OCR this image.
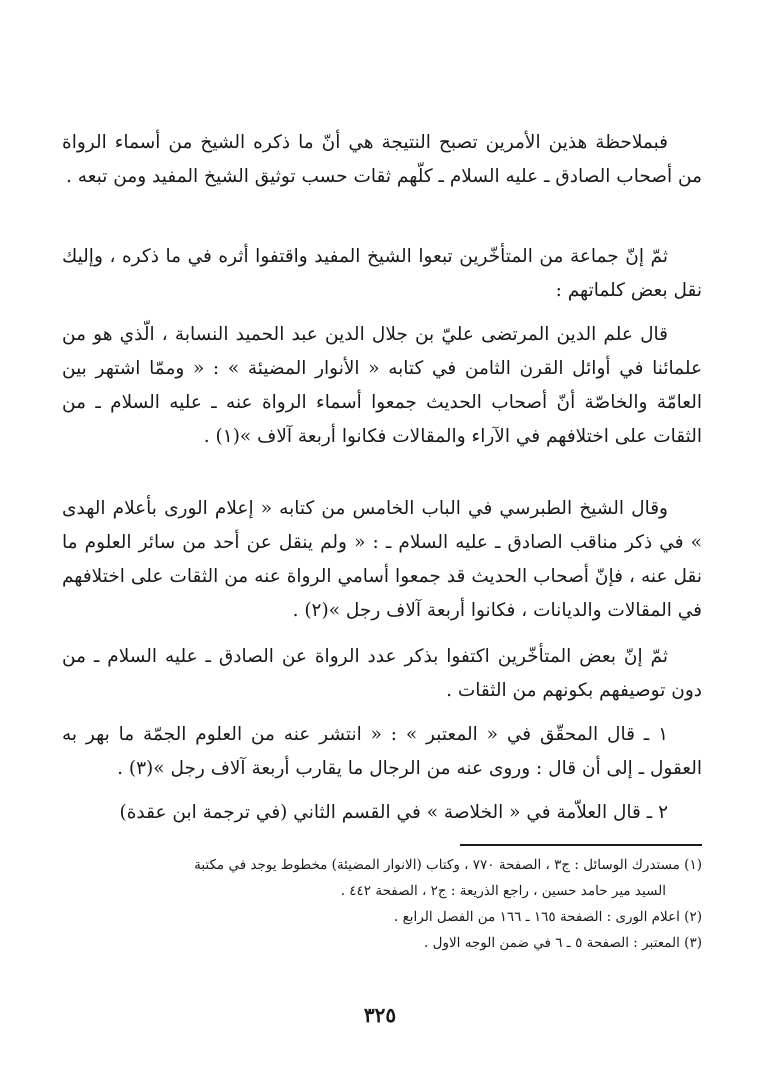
فبملاحظة هذين الأمرين تصبح النتيجة هي أنّ ما ذكره الشيخ من أسماء الرواة من أصحاب الصادق ـ عليه السلام ـ كلّهم ثقات حسب توثيق الشيخ المفيد ومن تبعه .

ثمّ إنّ جماعة من المتأخّرين تبعوا الشيخ المفيد واقتفوا أثره في ما ذكره ، وإليك نقل بعض كلماتهم :

قال علم الدين المرتضى عليّ بن جلال الدين عبد الحميد النسابة ، الّذي هو من علمائنا في أوائل القرن الثامن في كتابه « الأنوار المضيئة » : « وممّا اشتهر بين العامّة والخاصّة أنّ أصحاب الحديث جمعوا أسماء الرواة عنه ـ عليه السلام ـ من الثقات على اختلافهم في الآراء والمقالات فكانوا أربعة آلاف »(١) .

وقال الشيخ الطبرسي في الباب الخامس من كتابه « إعلام الورى بأعلام الهدى » في ذكر مناقب الصادق ـ عليه السلام ـ : « ولم ينقل عن أحد من سائر العلوم ما نقل عنه ، فإنّ أصحاب الحديث قد جمعوا أسامي الرواة عنه من الثقات على اختلافهم في المقالات والديانات ، فكانوا أربعة آلاف رجل »(٢) .

ثمّ إنّ بعض المتأخّرين اكتفوا بذكر عدد الرواة عن الصادق ـ عليه السلام ـ من دون توصيفهم بكونهم من الثقات .

١ ـ قال المحقّق في « المعتبر » : « انتشر عنه من العلوم الجمّة ما بهر به العقول ـ إلى أن قال : وروى عنه من الرجال ما يقارب أربعة آلاف رجل »(٣) .

٢ ـ قال العلاّمة في « الخلاصة » في القسم الثاني (في ترجمة ابن عقدة)

(١) مستدرك الوسائل : ج٣ ، الصفحة ٧٧٠ ، وكتاب (الانوار المضيئة) مخطوط يوجد في مكتبة

السيد مير حامد حسين ، راجع الذريعة : ج٢ ، الصفحة ٤٤٢ .

(٢) اعلام الورى : الصفحة ١٦٥ ـ ١٦٦ من الفصل الرابع .

(٣) المعتبر : الصفحة ٥ ـ ٦ في ضمن الوجه الاول .

٣٢٥
